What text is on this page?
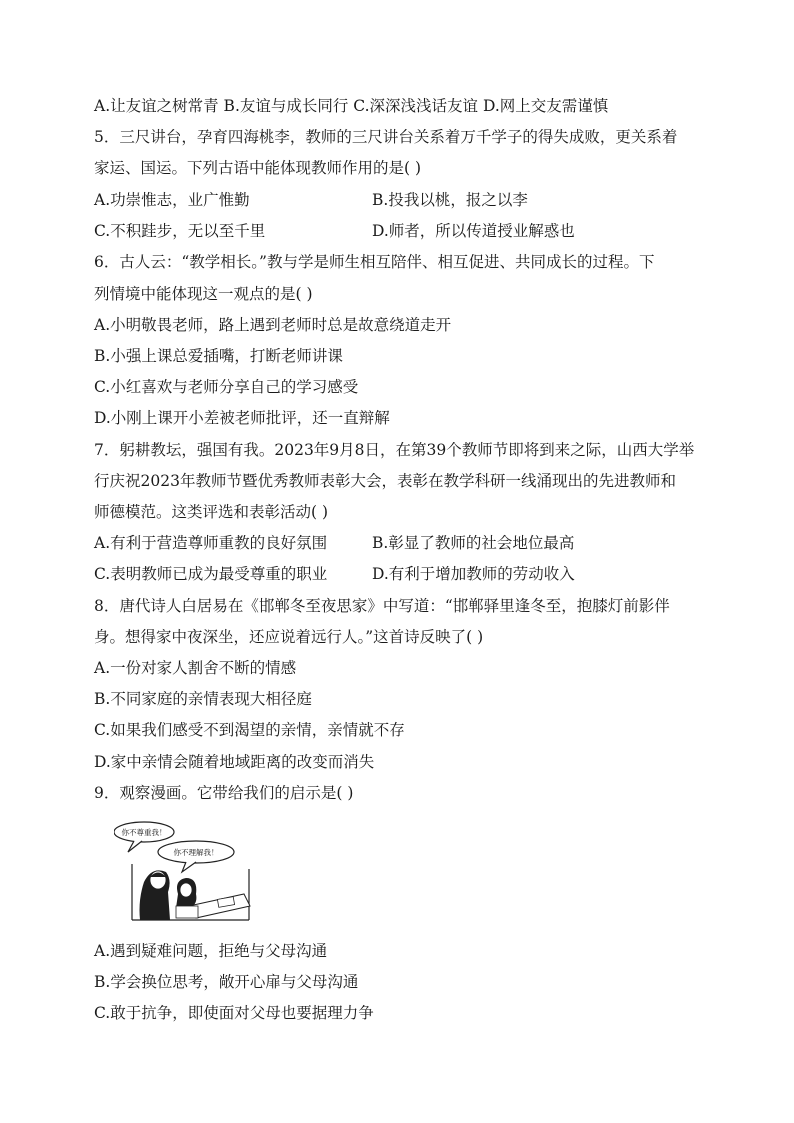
A.让友谊之树常青 B.友谊与成长同行 C.深深浅浅话友谊 D.网上交友需谨慎
5．三尺讲台，孕育四海桃李，教师的三尺讲台关系着万千学子的得失成败，更关系着
家运、国运。下列古语中能体现教师作用的是( )
A.功崇惟志，业广惟勤	B.投我以桃，报之以李
C.不积跬步，无以至千里	D.师者，所以传道授业解惑也
6．古人云：“教学相长。”教与学是师生相互陪伴、相互促进、共同成长的过程。下
列情境中能体现这一观点的是( )
A.小明敬畏老师，路上遇到老师时总是故意绕道走开
B.小强上课总爱插嘴，打断老师讲课
C.小红喜欢与老师分享自己的学习感受
D.小刚上课开小差被老师批评，还一直辩解
7．躬耕教坛，强国有我。2023年9月8日，在第39个教师节即将到来之际，山西大学举
行庆祝2023年教师节暨优秀教师表彰大会，表彰在教学科研一线涌现出的先进教师和
师德模范。这类评选和表彰活动( )
A.有利于营造尊师重教的良好氛围	B.彰显了教师的社会地位最高
C.表明教师已成为最受尊重的职业	D.有利于增加教师的劳动收入
8．唐代诗人白居易在《邯郸冬至夜思家》中写道：“邯郸驿里逢冬至，抱膝灯前影伴
身。想得家中夜深坐，还应说着远行人。”这首诗反映了( )
A.一份对家人割舍不断的情感
B.不同家庭的亲情表现大相径庭
C.如果我们感受不到渴望的亲情，亲情就不存
D.家中亲情会随着地域距离的改变而消失
9．观察漫画。它带给我们的启示是( )
你不尊重我！
你不理解我！
A.遇到疑难问题，拒绝与父母沟通
B.学会换位思考，敞开心扉与父母沟通
C.敢于抗争，即使面对父母也要据理力争
